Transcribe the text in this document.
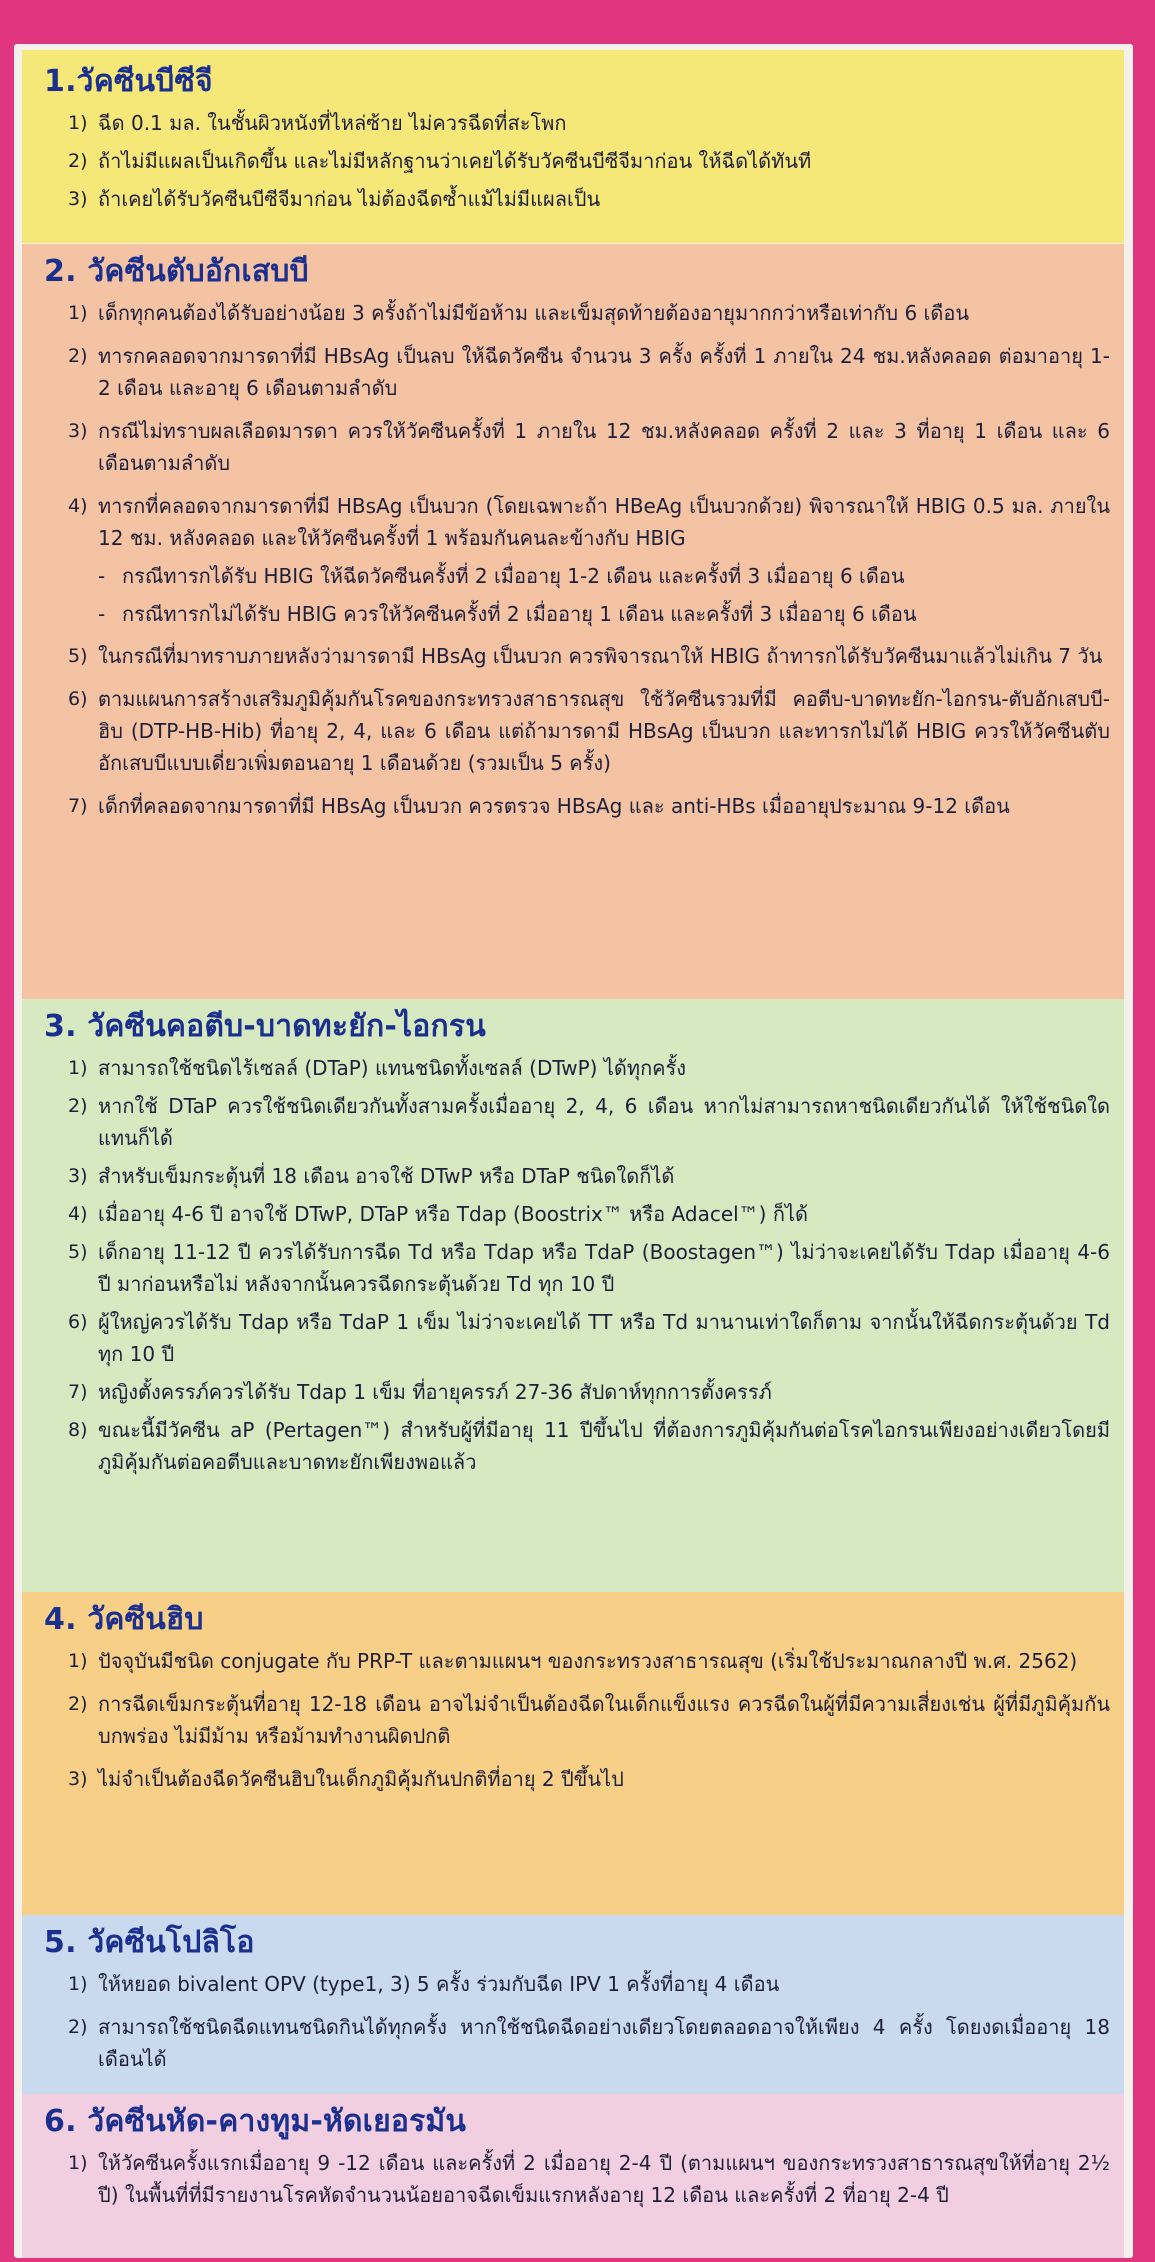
1.วัคซีนบีซีจี
1) ฉีด 0.1 มล. ในชั้นผิวหนังที่ไหล่ซ้าย ไม่ควรฉีดที่สะโพก
2) ถ้าไม่มีแผลเป็นเกิดขึ้น และไม่มีหลักฐานว่าเคยได้รับวัคซีนบีซีจีมาก่อน ให้ฉีดได้ทันที
3) ถ้าเคยได้รับวัคซีนบีซีจีมาก่อน ไม่ต้องฉีดซ้ำแม้ไม่มีแผลเป็น
2. วัคซีนตับอักเสบบี
1) เด็กทุกคนต้องได้รับอย่างน้อย 3 ครั้งถ้าไม่มีข้อห้าม และเข็มสุดท้ายต้องอายุมากกว่าหรือเท่ากับ 6 เดือน
2) ทารกคลอดจากมารดาที่มี HBsAg เป็นลบ ให้ฉีดวัคซีน จำนวน 3 ครั้ง ครั้งที่ 1 ภายใน 24 ชม.หลังคลอด ต่อมาอายุ 1-2 เดือน และอายุ 6 เดือนตามลำดับ
3) กรณีไม่ทราบผลเลือดมารดา ควรให้วัคซีนครั้งที่ 1 ภายใน 12 ชม.หลังคลอด ครั้งที่ 2 และ 3 ที่อายุ 1 เดือน และ 6 เดือนตามลำดับ
4) ทารกที่คลอดจากมารดาที่มี HBsAg เป็นบวก (โดยเฉพาะถ้า HBeAg เป็นบวกด้วย) พิจารณาให้ HBIG 0.5 มล. ภายใน 12 ชม. หลังคลอด และให้วัคซีนครั้งที่ 1 พร้อมกันคนละข้างกับ HBIG
- กรณีทารกได้รับ HBIG ให้ฉีดวัคซีนครั้งที่ 2 เมื่ออายุ 1-2 เดือน และครั้งที่ 3 เมื่ออายุ 6 เดือน
- กรณีทารกไม่ได้รับ HBIG ควรให้วัคซีนครั้งที่ 2 เมื่ออายุ 1 เดือน และครั้งที่ 3 เมื่ออายุ 6 เดือน
5) ในกรณีที่มาทราบภายหลังว่ามารดามี HBsAg เป็นบวก ควรพิจารณาให้ HBIG ถ้าทารกได้รับวัคซีนมาแล้วไม่เกิน 7 วัน
6) ตามแผนการสร้างเสริมภูมิคุ้มกันโรคของกระทรวงสาธารณสุข ใช้วัคซีนรวมที่มี คอตีบ-บาดทะยัก-ไอกรน-ตับอักเสบบี-ฮิบ (DTP-HB-Hib) ที่อายุ 2, 4, และ 6 เดือน แต่ถ้ามารดามี HBsAg เป็นบวก และทารกไม่ได้ HBIG ควรให้วัคซีนตับอักเสบบีแบบเดี่ยวเพิ่มตอนอายุ 1 เดือนด้วย (รวมเป็น 5 ครั้ง)
7) เด็กที่คลอดจากมารดาที่มี HBsAg เป็นบวก ควรตรวจ HBsAg และ anti-HBs เมื่ออายุประมาณ 9-12 เดือน
3. วัคซีนคอตีบ-บาดทะยัก-ไอกรน
1) สามารถใช้ชนิดไร้เซลล์ (DTaP) แทนชนิดทั้งเซลล์ (DTwP) ได้ทุกครั้ง
2) หากใช้ DTaP ควรใช้ชนิดเดียวกันทั้งสามครั้งเมื่ออายุ 2, 4, 6 เดือน หากไม่สามารถหาชนิดเดียวกันได้ ให้ใช้ชนิดใดแทนก็ได้
3) สำหรับเข็มกระตุ้นที่ 18 เดือน อาจใช้ DTwP หรือ DTaP ชนิดใดก็ได้
4) เมื่ออายุ 4-6 ปี อาจใช้ DTwP, DTaP หรือ Tdap (Boostrix™ หรือ Adacel™) ก็ได้
5) เด็กอายุ 11-12 ปี ควรได้รับการฉีด Td หรือ Tdap หรือ TdaP (Boostagen™) ไม่ว่าจะเคยได้รับ Tdap เมื่ออายุ 4-6 ปี มาก่อนหรือไม่ หลังจากนั้นควรฉีดกระตุ้นด้วย Td ทุก 10 ปี
6) ผู้ใหญ่ควรได้รับ Tdap หรือ TdaP 1 เข็ม ไม่ว่าจะเคยได้ TT หรือ Td มานานเท่าใดก็ตาม จากนั้นให้ฉีดกระตุ้นด้วย Td ทุก 10 ปี
7) หญิงตั้งครรภ์ควรได้รับ Tdap 1 เข็ม ที่อายุครรภ์ 27-36 สัปดาห์ทุกการตั้งครรภ์
8) ขณะนี้มีวัคซีน aP (Pertagen™) สำหรับผู้ที่มีอายุ 11 ปีขึ้นไป ที่ต้องการภูมิคุ้มกันต่อโรคไอกรนเพียงอย่างเดียวโดยมีภูมิคุ้มกันต่อคอตีบและบาดทะยักเพียงพอแล้ว
4. วัคซีนฮิบ
1) ปัจจุบันมีชนิด conjugate กับ PRP-T และตามแผนฯ ของกระทรวงสาธารณสุข (เริ่มใช้ประมาณกลางปี พ.ศ. 2562)
2) การฉีดเข็มกระตุ้นที่อายุ 12-18 เดือน อาจไม่จำเป็นต้องฉีดในเด็กแข็งแรง ควรฉีดในผู้ที่มีความเสี่ยงเช่น ผู้ที่มีภูมิคุ้มกันบกพร่อง ไม่มีม้าม หรือม้ามทำงานผิดปกติ
3) ไม่จำเป็นต้องฉีดวัคซีนฮิบในเด็กภูมิคุ้มกันปกติที่อายุ 2 ปีขึ้นไป
5. วัคซีนโปลิโอ
1) ให้หยอด bivalent OPV (type1, 3) 5 ครั้ง ร่วมกับฉีด IPV 1 ครั้งที่อายุ 4 เดือน
2) สามารถใช้ชนิดฉีดแทนชนิดกินได้ทุกครั้ง หากใช้ชนิดฉีดอย่างเดียวโดยตลอดอาจให้เพียง 4 ครั้ง โดยงดเมื่ออายุ 18 เดือนได้
6. วัคซีนหัด-คางทูม-หัดเยอรมัน
1) ให้วัคซีนครั้งแรกเมื่ออายุ 9 -12 เดือน และครั้งที่ 2 เมื่ออายุ 2-4 ปี (ตามแผนฯ ของกระทรวงสาธารณสุขให้ที่อายุ 2½ ปี) ในพื้นที่ที่มีรายงานโรคหัดจำนวนน้อยอาจฉีดเข็มแรกหลังอายุ 12 เดือน และครั้งที่ 2 ที่อายุ 2-4 ปี
